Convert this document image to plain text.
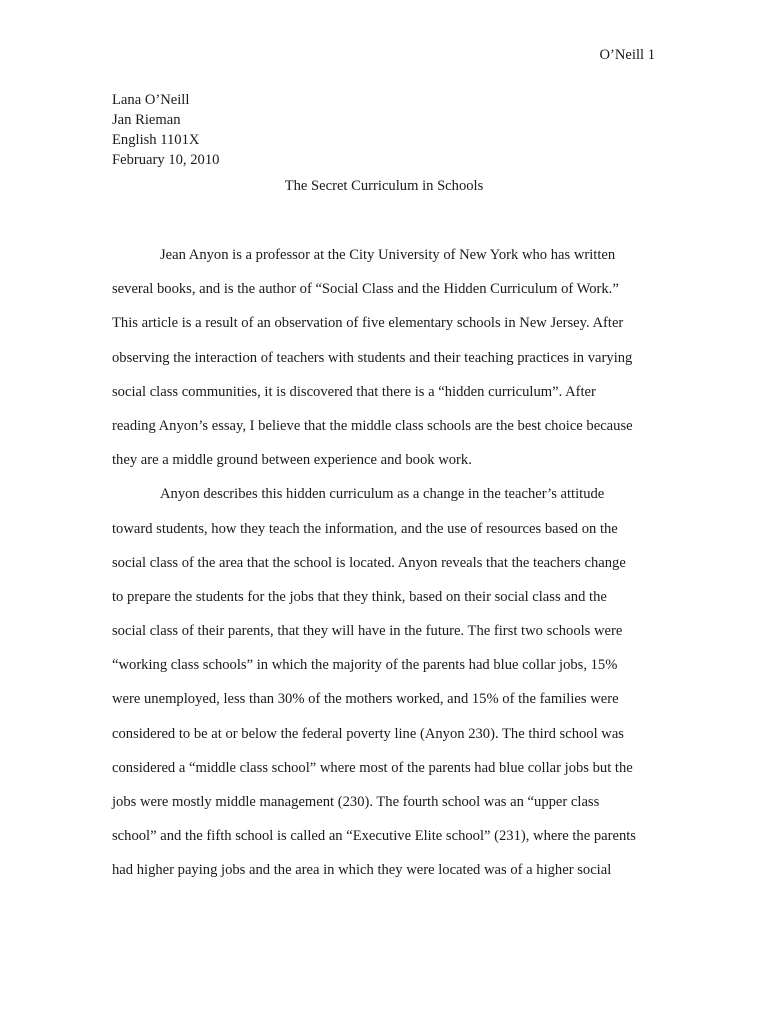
O’Neill 1
Lana O’Neill
Jan Rieman
English 1101X
February 10, 2010
The Secret Curriculum in Schools
Jean Anyon is a professor at the City University of New York who has written
several books, and is the author of “Social Class and the Hidden Curriculum of Work.”
This article is a result of an observation of five elementary schools in New Jersey. After
observing the interaction of teachers with students and their teaching practices in varying
social class communities, it is discovered that there is a “hidden curriculum”. After
reading Anyon’s essay, I believe that the middle class schools are the best choice because
they are a middle ground between experience and book work.
Anyon describes this hidden curriculum as a change in the teacher’s attitude
toward students, how they teach the information, and the use of resources based on the
social class of the area that the school is located. Anyon reveals that the teachers change
to prepare the students for the jobs that they think, based on their social class and the
social class of their parents, that they will have in the future. The first two schools were
“working class schools” in which the majority of the parents had blue collar jobs, 15%
were unemployed, less than 30% of the mothers worked, and 15% of the families were
considered to be at or below the federal poverty line (Anyon 230). The third school was
considered a “middle class school” where most of the parents had blue collar jobs but the
jobs were mostly middle management (230). The fourth school was an “upper class
school” and the fifth school is called an “Executive Elite school” (231), where the parents
had higher paying jobs and the area in which they were located was of a higher social
